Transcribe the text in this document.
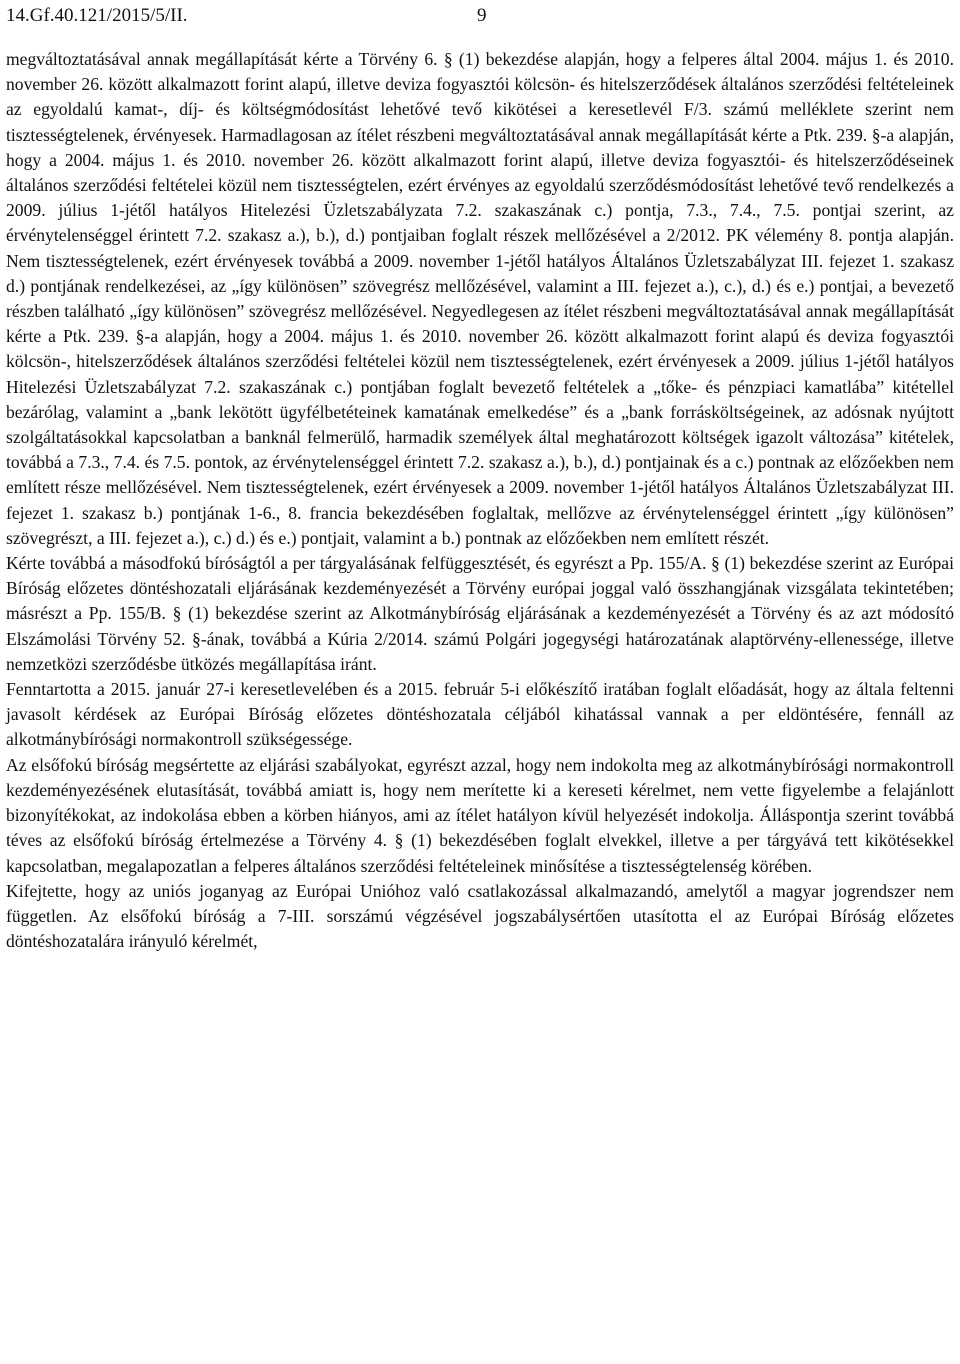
14.Gf.40.121/2015/5/II.	9

megváltoztatásával annak megállapítását kérte a Törvény 6. § (1) bekezdése alapján, hogy a felperes által 2004. május 1. és 2010. november 26. között alkalmazott forint alapú, illetve deviza fogyasztói kölcsön- és hitelszerződések általános szerződési feltételeinek az egyoldalú kamat-, díj- és költségmódosítást lehetővé tevő kikötései a keresetlevél F/3. számú melléklete szerint nem tisztességtelenek, érvényesek. Harmadlagosan az ítélet részbeni megváltoztatásával annak megállapítását kérte a Ptk. 239. §-a alapján, hogy a 2004. május 1. és 2010. november 26. között alkalmazott forint alapú, illetve deviza fogyasztói- és hitelszerződéseinek általános szerződési feltételei közül nem tisztességtelen, ezért érvényes az egyoldalú szerződésmódosítást lehetővé tevő rendelkezés a 2009. július 1-jétől hatályos Hitelezési Üzletszabályzata 7.2. szakaszának c.) pontja, 7.3., 7.4., 7.5. pontjai szerint, az érvénytelenséggel érintett 7.2. szakasz a.), b.), d.) pontjaiban foglalt részek mellőzésével a 2/2012. PK vélemény 8. pontja alapján. Nem tisztességtelenek, ezért érvényesek továbbá a 2009. november 1-jétől hatályos Általános Üzletszabályzat III. fejezet 1. szakasz d.) pontjának rendelkezései, az „így különösen” szövegrész mellőzésével, valamint a III. fejezet a.), c.), d.) és e.) pontjai, a bevezető részben található „így különösen” szövegrész mellőzésével. Negyedlegesen az ítélet részbeni megváltoztatásával annak megállapítását kérte a Ptk. 239. §-a alapján, hogy a 2004. május 1. és 2010. november 26. között alkalmazott forint alapú és deviza fogyasztói kölcsön-, hitelszerződések általános szerződési feltételei közül nem tisztességtelenek, ezért érvényesek a 2009. július 1-jétől hatályos Hitelezési Üzletszabályzat 7.2. szakaszának c.) pontjában foglalt bevezető feltételek a „tőke- és pénzpiaci kamatlába” kitétellel bezárólag, valamint a „bank lekötött ügyfélbetéteinek kamatának emelkedése” és a „bank forrásköltségeinek, az adósnak nyújtott szolgáltatásokkal kapcsolatban a banknál felmerülő, harmadik személyek által meghatározott költségek igazolt változása” kitételek, továbbá a 7.3., 7.4. és 7.5. pontok, az érvénytelenséggel érintett 7.2. szakasz a.), b.), d.) pontjainak és a c.) pontnak az előzőekben nem említett része mellőzésével. Nem tisztességtelenek, ezért érvényesek a 2009. november 1-jétől hatályos Általános Üzletszabályzat III. fejezet 1. szakasz b.) pontjának 1-6., 8. francia bekezdésében foglaltak, mellőzve az érvénytelenséggel érintett „így különösen” szövegrészt, a III. fejezet a.), c.) d.) és e.) pontjait, valamint a b.) pontnak az előzőekben nem említett részét.

Kérte továbbá a másodfokú bíróságtól a per tárgyalásának felfüggesztését, és egyrészt a Pp. 155/A. § (1) bekezdése szerint az Európai Bíróság előzetes döntéshozatali eljárásának kezdeményezését a Törvény európai joggal való összhangjának vizsgálata tekintetében; másrészt a Pp. 155/B. § (1) bekezdése szerint az Alkotmánybíróság eljárásának a kezdeményezését a Törvény és az azt módosító Elszámolási Törvény 52. §-ának, továbbá a Kúria 2/2014. számú Polgári jogegységi határozatának alaptörvény-ellenessége, illetve nemzetközi szerződésbe ütközés megállapítása iránt.

Fenntartotta a 2015. január 27-i keresetlevelében és a 2015. február 5-i előkészítő iratában foglalt előadását, hogy az általa feltenni javasolt kérdések az Európai Bíróság előzetes döntéshozatala céljából kihatással vannak a per eldöntésére, fennáll az alkotmánybírósági normakontroll szükségessége.

Az elsőfokú bíróság megsértette az eljárási szabályokat, egyrészt azzal, hogy nem indokolta meg az alkotmánybírósági normakontroll kezdeményezésének elutasítását, továbbá amiatt is, hogy nem merítette ki a kereseti kérelmet, nem vette figyelembe a felajánlott bizonyítékokat, az indokolása ebben a körben hiányos, ami az ítélet hatályon kívül helyezését indokolja. Álláspontja szerint továbbá téves az elsőfokú bíróság értelmezése a Törvény 4. § (1) bekezdésében foglalt elvekkel, illetve a per tárgyává tett kikötésekkel kapcsolatban, megalapozatlan a felperes általános szerződési feltételeinek minősítése a tisztességtelenség körében.

Kifejtette, hogy az uniós joganyag az Európai Unióhoz való csatlakozással alkalmazandó, amelytől a magyar jogrendszer nem független. Az elsőfokú bíróság a 7-III. sorszámú végzésével jogszabálysértően utasította el az Európai Bíróság előzetes döntéshozatalára irányuló kérelmét,
